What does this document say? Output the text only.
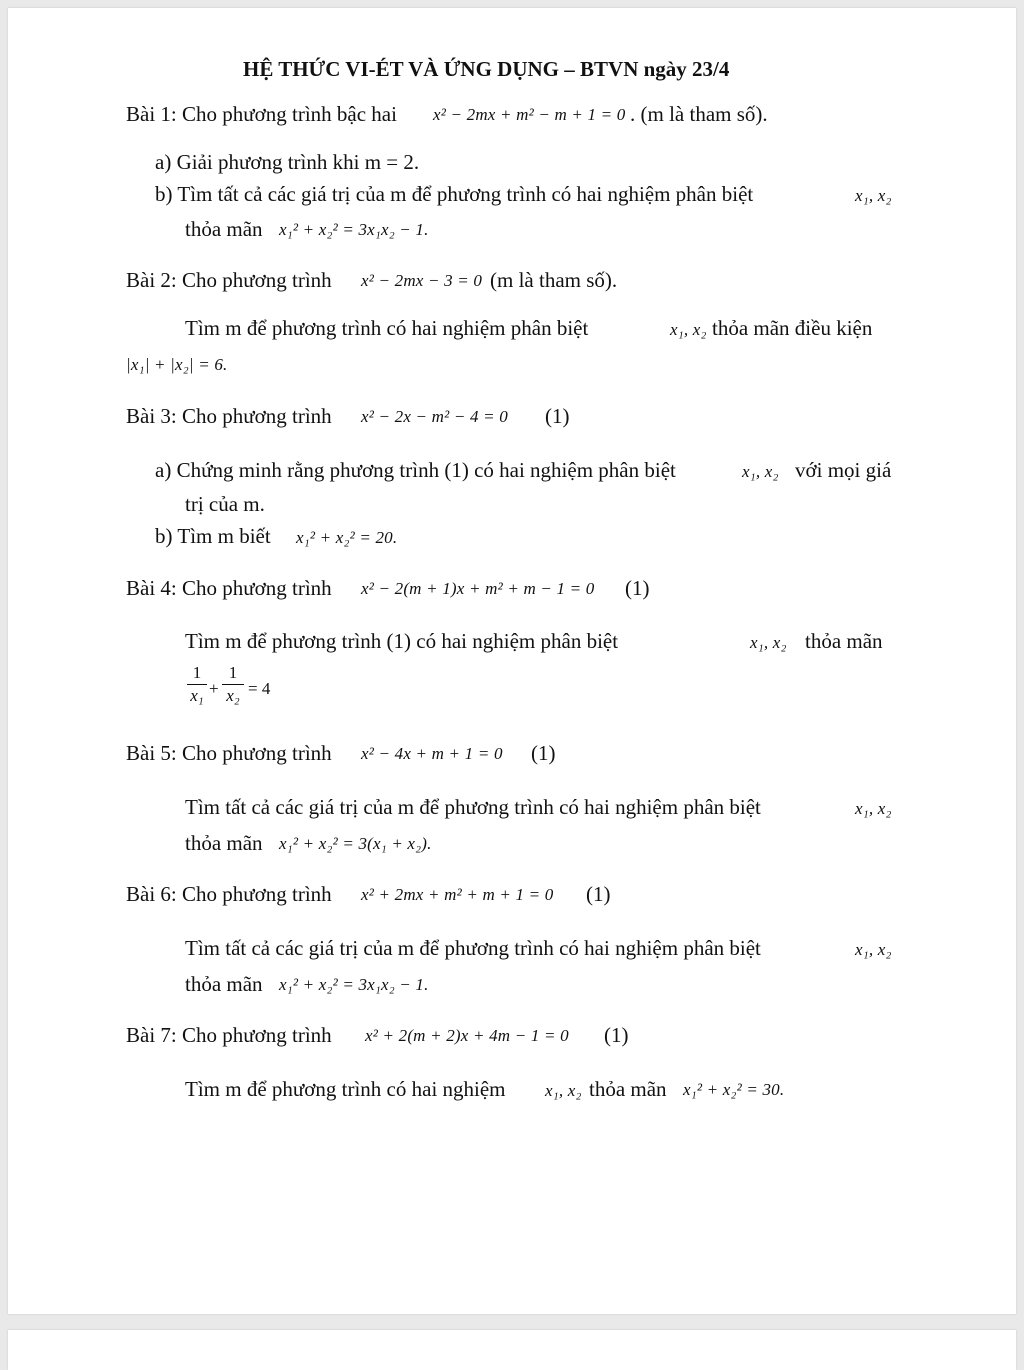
HỆ THỨC VI-ÉT VÀ ỨNG DỤNG – BTVN ngày 23/4
Bài 1: Cho phương trình bậc hai x² − 2mx + m² − m + 1 = 0 . (m là tham số).
a) Giải phương trình khi m = 2.
b) Tìm tất cả các giá trị của m để phương trình có hai nghiệm phân biệt	x₁, x₂
thỏa mãn x₁² + x₂² = 3x₁x₂ − 1.
Bài 2: Cho phương trình x² − 2mx − 3 = 0 (m là tham số).
Tìm m để phương trình có hai nghiệm phân biệt	x₁, x₂ thỏa mãn điều kiện
|x₁| + |x₂| = 6.
Bài 3: Cho phương trình x² − 2x − m² − 4 = 0 (1)
a) Chứng minh rằng phương trình (1) có hai nghiệm phân biệt	x₁, x₂ với mọi giá
trị của m.
b) Tìm m biết x₁² + x₂² = 20.
Bài 4: Cho phương trình x² − 2(m + 1)x + m² + m − 1 = 0 (1)
Tìm m để phương trình (1) có hai nghiệm phân biệt	x₁, x₂ thỏa mãn
1
x₁ +
1
x₂ = 4
Bài 5: Cho phương trình x² − 4x + m + 1 = 0 (1)
Tìm tất cả các giá trị của m để phương trình có hai nghiệm phân biệt	x₁, x₂
thỏa mãn x₁² + x₂² = 3(x₁ + x₂).
Bài 6: Cho phương trình x² + 2mx + m² + m + 1 = 0 (1)
Tìm tất cả các giá trị của m để phương trình có hai nghiệm phân biệt	x₁, x₂
thỏa mãn x₁² + x₂² = 3x₁x₂ − 1.
Bài 7: Cho phương trình x² + 2(m + 2)x + 4m − 1 = 0 (1)
Tìm m để phương trình có hai nghiệm x₁, x₂ thỏa mãn x₁² + x₂² = 30.
